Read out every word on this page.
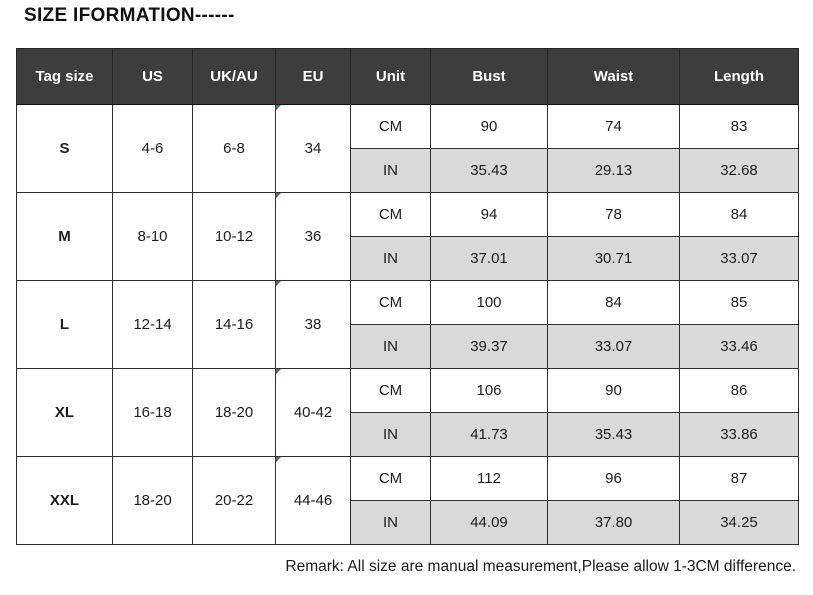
SIZE IFORMATION------
Tag size	US	UK/AU	EU	Unit	Bust	Waist	Length
S	4-6	6-8	34	CM	90	74	83
				IN	35.43	29.13	32.68
M	8-10	10-12	36	CM	94	78	84
				IN	37.01	30.71	33.07
L	12-14	14-16	38	CM	100	84	85
				IN	39.37	33.07	33.46
XL	16-18	18-20	40-42	CM	106	90	86
				IN	41.73	35.43	33.86
XXL	18-20	20-22	44-46	CM	112	96	87
				IN	44.09	37.80	34.25

Remark: All size are manual measurement,Please allow 1-3CM difference.
